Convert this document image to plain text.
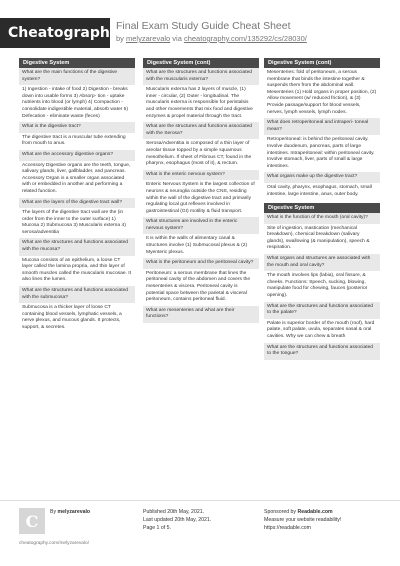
Cheatography
Final Exam Study Guide Cheat Sheet
by melyzarevalo via cheatography.com/135292/cs/28030/
Digestive System
What are the main functions of the digestive system?
1) Ingestion - intake of food 2) Digestion - breaks down into usable forms 3) Absorp- tion - uptake nutrients into blood (or lymph) 4) Compaction - consolidate indigestible material, absorb water 5) Defecation - eliminate waste (feces)
What is the digestive tract?
The digestive tract is a muscular tube extending from mouth to anus.
What are the accessory digestive organs?
Accessory Digestive organs are the teeth, tongue, salivary glands, liver, gallbladder, and pancreas. Accessory Organ is a smaller organ associated with or embedded in another and performing a related function.
What are the layers of the digestive tract wall?
The layers of the digestive tract wall are the (in order from the inner to the outer surface) 1) Mucosa 2) Submucosa 3) Muscularis externa 4) serosa/adventitia
What are the structures and functions associated with the mucosa?
Mucosa consists of an epithelium, a loose CT layer called the lamina propria, and thin layer of smooth muscles called the muscularis mucosae. It also lines the lumen.
What are the structures and functions associated with the submucosa?
Submucosa is a thicker layer of loose CT containing blood vessels, lymphatic vessels, a nerve plexus, and mucous glands. It protects, support, & secretes.
Digestive System (cont)
What are the structures and functions associated with the muscularis externa?
Muscularis externa has 2 layers of muscle, (1) inner - circular, (2) Outer - longitudinal. The muscularis externa is responsible for peristalsis and other movements that mix food and digestive enzymes & propel material through the tract.
What are the structures and functions associated with the Serosa?
Serosa/Adventitia is composed of a thin layer of areolar tissue topped by a simple squamous mesothelium. If sheet of Fibrous CT, found in the pharynx, esophagus (most of it), & rectum.
What is the enteric nervous system?
Enteric Nervous System is the largest collection of neurons & neuroglia outside the CNS, residing within the wall of the digestive tract and primarily regulating local gut reflexes involved in gastrointestinal (GI) motility & fluid transport.
What structures are involved in the enteric nervous system?
It is within the walls of alimentary canal & structures involve (1) Submucosal plexus & (2) Myenteric plexus.
What is the peritoneum and the peritoneal cavity?
Peritoneum: a serous membrane that lines the peritoneal cavity of the abdomen and covers the mesenteries & viscera. Peritoneal cavity is potential space between the parietal & visceral peritoneum, contains peritoneal fluid.
What are mesenteries and what are their functions?
Digestive System (cont)
Mesenteries: fold of peritoneum, a serous membrane that binds the intestine together & suspends them from the abdominal wall. Mesenteries (1) Hold organs in proper position, (2) Allow movement (w/ reduced friction), & (3) Provide passage/support for blood vessels, nerves, lymph vessels, lymph nodes.
What does retroperitoneal and intraperi- toneal mean?
Retroperitoneal: is behind the peritoneal cavity. Involve duodenum, pancreas, parts of large intestines. Intraperitoneal: within peritoneal cavity. Involve stomach, liver, parts of small & large intestines.
What organs make up the digestive tract?
Oral cavity, pharynx, esophagus, stomach, small intestine, large intestine, anus, outer body.
Digestive System
What is the function of the mouth (oral cavity)?
Site of ingestion, mastication (mechanical breakdown), chemical breakdown (salivary glands), swallowing (& manipulation), speech & respiration.
What organs and structures are associated with the mouth and oral cavity?
The mouth involves lips (labia), oral fissure, & cheeks. Functions: Speech, sucking, blowing, manipulate food for chewing, fauces (posterior opening).
What are the structures and functions associated to the palate?
Palate is superior border of the mouth (roof), hard palate, soft palate, uvula, separates nasal & oral cavities. Why we can chew & breath
What are the structures and functions associated to the tongue?
C By melyzarevalo
cheatography.com/melyzarevalo/
Published 20th May, 2021.
Last updated 20th May, 2021.
Page 1 of 5.
Sponsored by Readable.com
Measure your website readability!
https://readable.com
